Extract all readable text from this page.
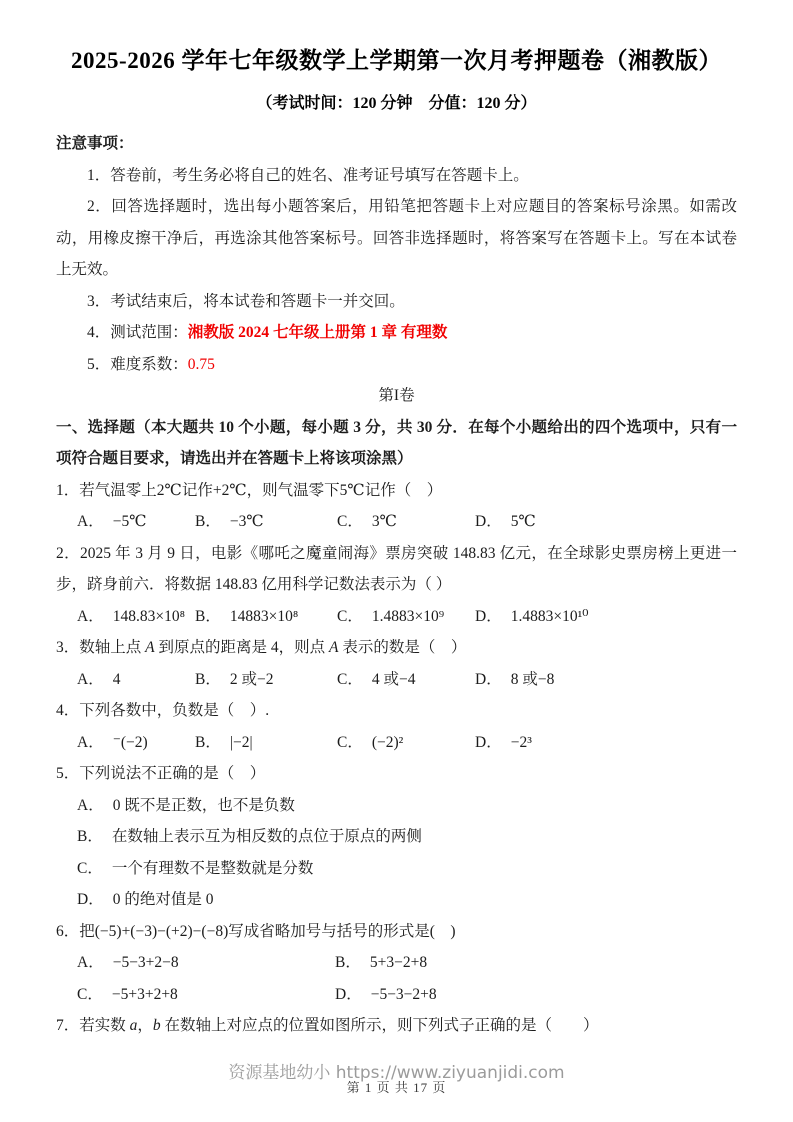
2025-2026 学年七年级数学上学期第一次月考押题卷（湘教版）
（考试时间：120 分钟　分值：120 分）

注意事项：

1．答卷前，考生务必将自己的姓名、准考证号填写在答题卡上。

2．回答选择题时，选出每小题答案后，用铅笔把答题卡上对应题目的答案标号涂黑。如需改动，用橡皮擦干净后，再选涂其他答案标号。回答非选择题时，将答案写在答题卡上。写在本试卷上无效。

3．考试结束后，将本试卷和答题卡一并交回。

4．测试范围：湘教版 2024 七年级上册第 1 章 有理数

5．难度系数：0.75

第I卷

一、选择题（本大题共 10 个小题，每小题 3 分，共 30 分．在每个小题给出的四个选项中，只有一项符合题目要求，请选出并在答题卡上将该项涂黑）

1．若气温零上2℃记作+2℃，则气温零下5℃记作（　）

A． −5℃	B． −3℃	C． 3℃	D． 5℃

2．2025 年 3 月 9 日，电影《哪吒之魔童闹海》票房突破 148.83 亿元，在全球影史票房榜上更进一步，跻身前六．将数据 148.83 亿用科学记数法表示为（ ）

A． 148.83×10⁸ B． 14883×10⁸	C． 1.4883×10⁹	D． 1.4883×10¹⁰

3．数轴上点 A 到原点的距离是 4，则点 A 表示的数是（　）

A． 4	B． 2 或−2	C． 4 或−4	D． 8 或−8

4．下列各数中，负数是（　）.

A． ⁻(−2)	B． |−2|	C． (−2)²	D． −2³

5．下列说法不正确的是（　）

A． 0 既不是正数，也不是负数
B． 在数轴上表示互为相反数的点位于原点的两侧
C． 一个有理数不是整数就是分数
D． 0 的绝对值是 0

6．把(−5)+(−3)−(+2)−(−8)写成省略加号与括号的形式是(　)

A． −5−3+2−8	B． 5+3−2+8
C． −5+3+2+8	D． −5−3−2+8

7．若实数 a，b 在数轴上对应点的位置如图所示，则下列式子正确的是（　　）

资源基地幼小 https://www.ziyuanjidi.com
第 1 页 共 17 页
